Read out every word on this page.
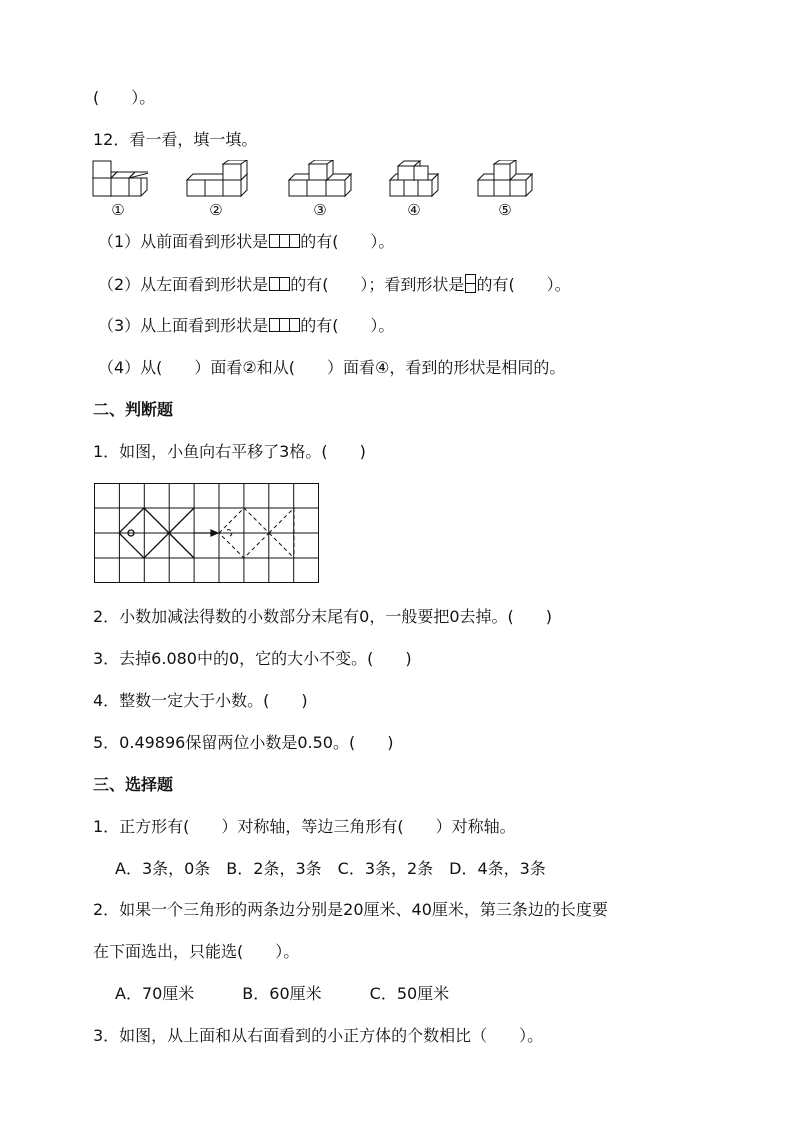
(　　）。
12．看一看，填一填。
①	②	③	④	⑤
（1）从前面看到形状是 的有(　　）。
（2）从左面看到形状是 的有(　　）；看到形状是 的有(　　）。
（3）从上面看到形状是 的有(　　）。
（4）从(　　）面看②和从(　　）面看④，看到的形状是相同的。
二、判断题
1．如图，小鱼向右平移了3格。(　　)
2．小数加减法得数的小数部分末尾有0，一般要把0去掉。(　　)
3．去掉6.080中的0，它的大小不变。(　　)
4．整数一定大于小数。(　　)
5．0.49896保留两位小数是0.50。(　　)
三、选择题
1．正方形有(　　）对称轴，等边三角形有(　　）对称轴。
A．3条，0条　B．2条，3条　C．3条，2条　D．4条，3条
2．如果一个三角形的两条边分别是20厘米、40厘米，第三条边的长度要
在下面选出，只能选(　　）。
A．70厘米　　　B．60厘米　　　C．50厘米
3．如图，从上面和从右面看到的小正方体的个数相比（　　）。
